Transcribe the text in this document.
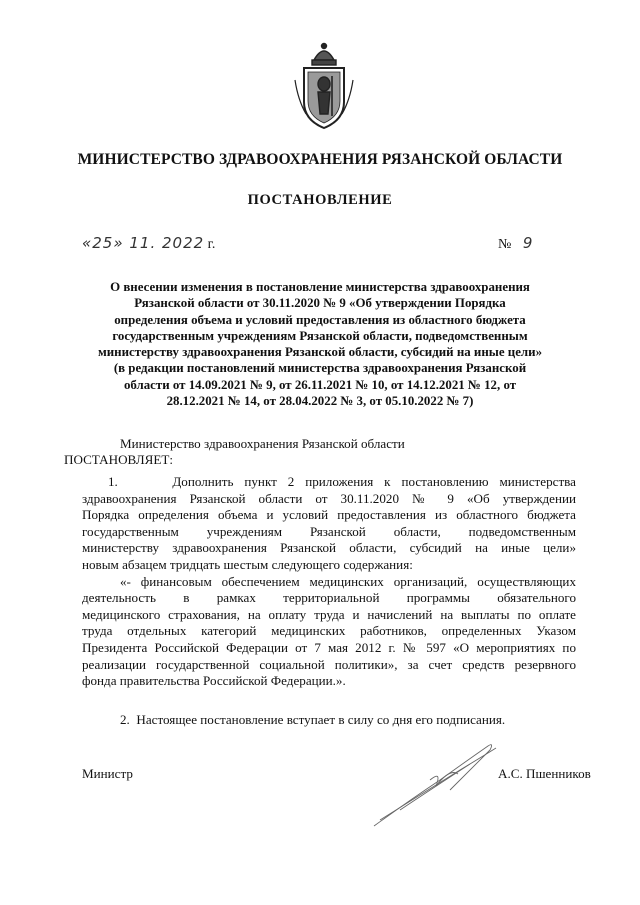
МИНИСТЕРСТВО ЗДРАВООХРАНЕНИЯ РЯЗАНСКОЙ ОБЛАСТИ
ПОСТАНОВЛЕНИЕ
«25» 11. 2022 г.	№ 9
О внесении изменения в постановление министерства здравоохранения
Рязанской области от 30.11.2020 № 9 «Об утверждении Порядка
определения объема и условий предоставления из областного бюджета
государственным учреждениям Рязанской области, подведомственным
министерству здравоохранения Рязанской области, субсидий на иные цели»
(в редакции постановлений министерства здравоохранения Рязанской
области от 14.09.2021 № 9, от 26.11.2021 № 10, от 14.12.2021 № 12, от
28.12.2021 № 14, от 28.04.2022 № 3, от 05.10.2022 № 7)
Министерство здравоохранения Рязанской области
ПОСТАНОВЛЯЕТ:
1.     Дополнить пункт 2 приложения к постановлению министерства
здравоохранения Рязанской области от 30.11.2020 № 9 «Об утверждении
Порядка определения объема и условий предоставления из областного бюджета
государственным учреждениям Рязанской области, подведомственным
министерству здравоохранения Рязанской области, субсидий на иные цели»
новым абзацем тридцать шестым следующего содержания:
«- финансовым обеспечением медицинских организаций, осуществляющих
деятельность в рамках территориальной программы обязательного
медицинского страхования, на оплату труда и начислений на выплаты по оплате
труда отдельных категорий медицинских работников, определенных Указом
Президента Российской Федерации от 7 мая 2012 г. № 597 «О мероприятиях по
реализации государственной социальной политики», за счет средств резервного
фонда правительства Российской Федерации.».
2.  Настоящее постановление вступает в силу со дня его подписания.
Министр	А.С. Пшенников
